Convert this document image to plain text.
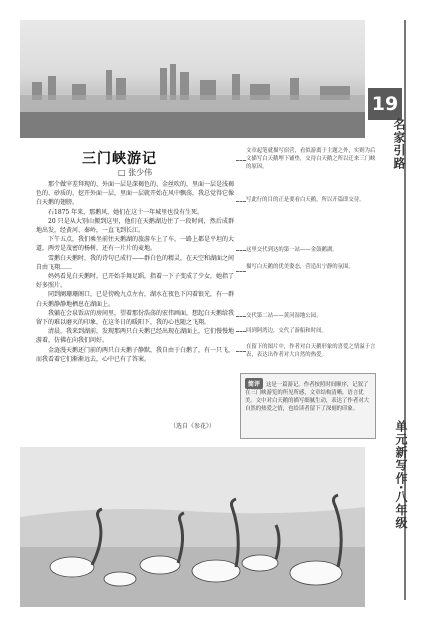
19
名家引路
单元新写作·八年级
三门峡游记
□ 张少伟

那个做宰差拜现的、外面一层是深褐色的、金丝吹的，里面一层是浅褐色的、砂质的、挖开外面一层，里面一层就开始在风中飘荡，我总觉得它像白天鹅的翅膀。

石1875 年来，那鹅风，她们在这十一年城里也没有生死。

20 只是从大别山搬到这里，他们在天鹅湖边住了一段时间，然后成群地出发，经黄河、秦岭，一直飞到长江。

下午五点，我们乘坐前往天鹅湖的旅游车上了车，一路上都是平坦的大道，两旁是茂密的杨树，还有一片片的麦地。

雪鹅白天鹅时，我的诗句已成行——群白色的精灵，在天空和湖面之间自由飞翔……

妈妈看见白天鹅时，已开始手舞足蹈，指着一下子变成了少女，她指了好多照片。

同到阑珊珊阁口，已是傍晚九点左右，湖水在夜色下闪着银光，有一群白天鹅静静地栖息在湖面上。

我躺在会泉饭店的房间里，望着那份浩荡的宏伟画面，想起白天鹅给我留下的难以磨灭的印象，在这冬日的暖阳下，我的心也随之飞翔。

清晨，我来到湖前，发现那两只白天鹅已经出现在湖面上，它们慢慢地游着，仿佛在向我们问好。

金涟漫天鹅还门前的两只白天鹅子静默，我自由于白鹅了，有一只飞，而我看着它们渐渐远去，心中已有了答案。

（选自《参花》）
文章起笔就描写宿营，看似游离于主题之外，实则为后文描写白天鹅埋下铺垫，交待白天鹅之所以迁来三门峡的原因。
写此行的目的正是要看白天鹅，所以开篇即交待。
这里交代到达的第一站——金鼓鹅湖。
描写白天鹅的优美姿态，营造出宁静的氛围。
交代第二站——黄河湿地公园。
回到阿湾边，交代了游船和时间。
在留下的图片中，作者对白天鹅形象的喜爱之情溢于言表，表达出作者对大自然的热爱。
简评 这是一篇游记。作者按照时间顺序，记叙了在三门峡游览的所见所感，文章结构清晰，语言优美。文中对白天鹅的描写细腻生动，表达了作者对大自然的热爱之情，也给读者留下了深刻的印象。
